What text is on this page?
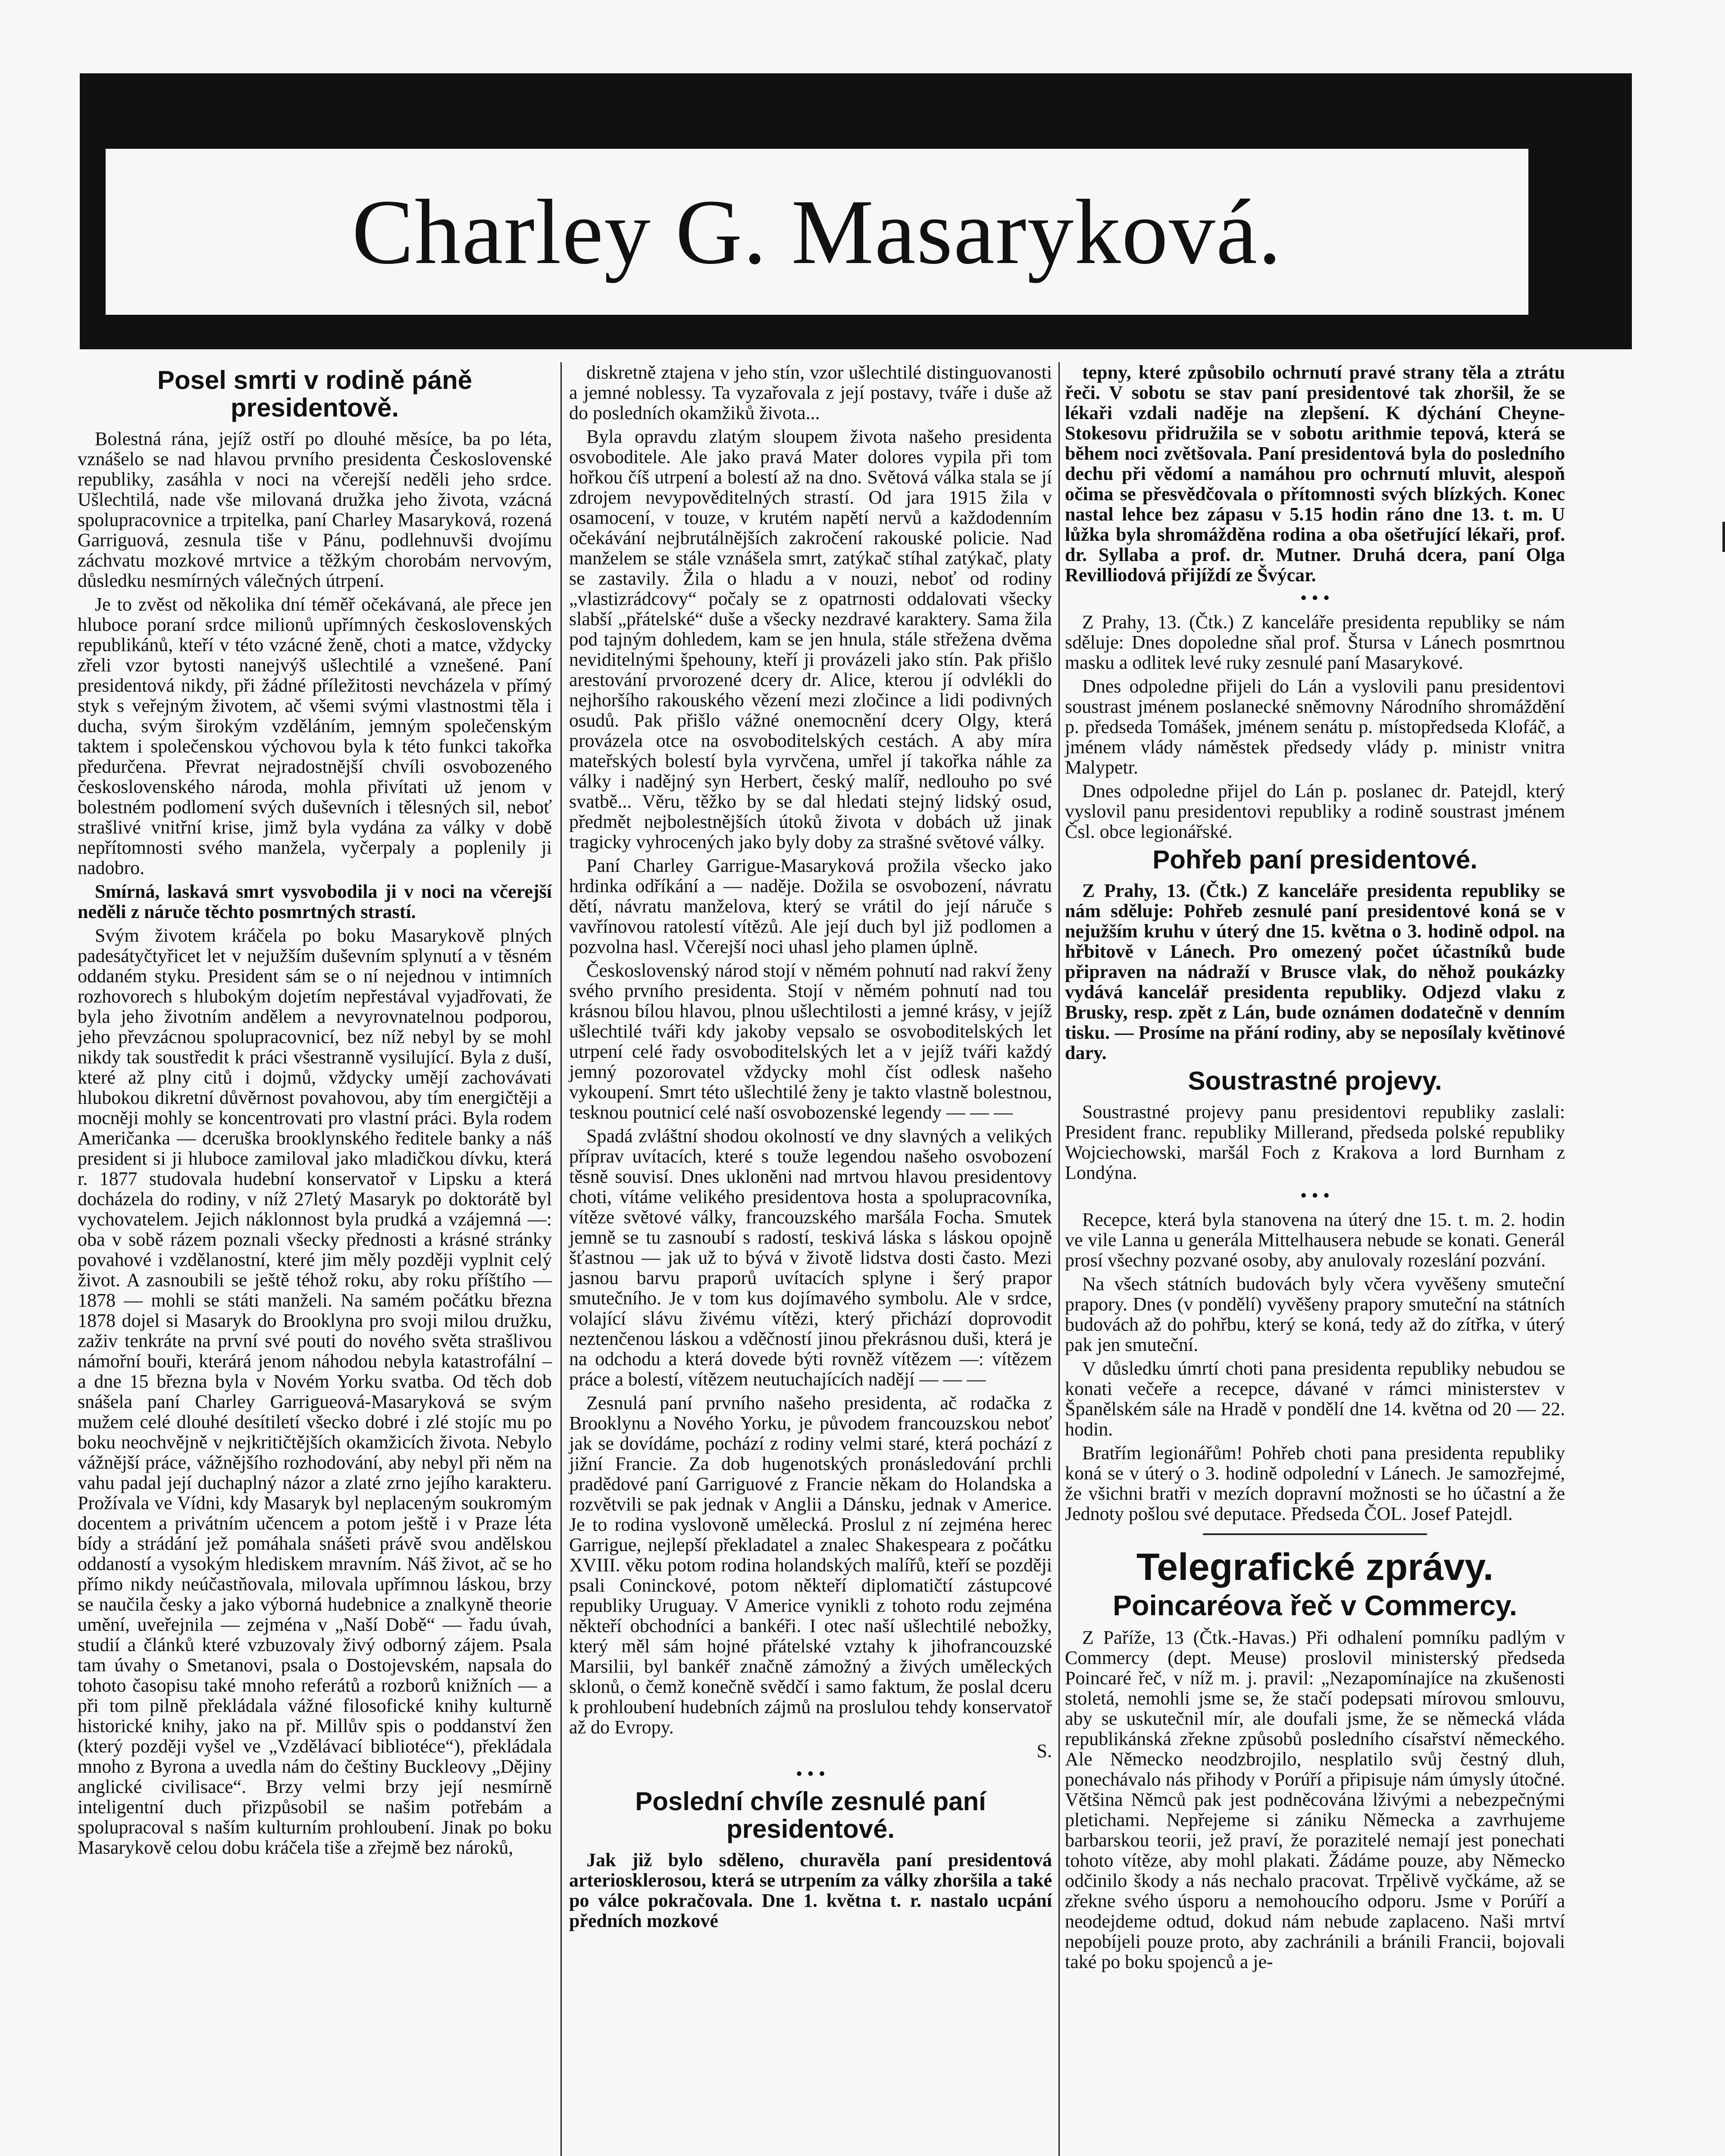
Charley G. Masaryková.
Posel smrti v rodině páně presidentově.

Bolestná rána, jejíž ostří po dlouhé měsíce, ba po léta, vznášelo se nad hlavou prvního presidenta Československé republiky, zasáhla v noci na včerejší neděli jeho srdce. Ušlechtilá, nade vše milovaná družka jeho života, vzácná spolupracovnice a trpitelka, paní Charley Masaryková, rozená Garriguová, zesnula tiše v Pánu, podlehnuvši dvojímu záchvatu mozkové mrtvice a těžkým chorobám nervovým, důsledku nesmírných válečných útrpení.

Je to zvěst od několika dní téměř očekávaná, ale přece jen hluboce poraní srdce milionů upřímných československých republikánů, kteří v této vzácné ženě, choti a matce, vždycky zřeli vzor bytosti nanejvýš ušlechtilé a vznešené. Paní presidentová nikdy, při žádné příležitosti nevcházela v přímý styk s veřejným životem, ač všemi svými vlastnostmi těla i ducha, svým širokým vzděláním, jemným společenským taktem i společenskou výchovou byla k této funkci takořka předurčena. Převrat nejradostnější chvíli osvobozeného československého národa, mohla přivítati už jenom v bolestném podlomení svých duševních i tělesných sil, neboť strašlivé vnitřní krise, jimž byla vydána za války v době nepřítomnosti svého manžela, vyčerpaly a poplenily ji nadobro.

Smírná, laskavá smrt vysvobodila ji v noci na včerejší neděli z náruče těchto posmrtných strastí.

Svým životem kráčela po boku Masarykově plných padesátyčtyřicet let v nejužším duševním splynutí a v těsném oddaném styku. President sám se o ní nejednou v intimních rozhovorech s hlubokým dojetím nepřestával vyjadřovati, že byla jeho životním andělem a nevyrovnatelnou podporou, jeho převzácnou spolupracovnicí, bez níž nebyl by se mohl nikdy tak soustředit k práci všestranně vysilující. Byla z duší, které až plny citů i dojmů, vždycky umějí zachovávati hlubokou dikretní důvěrnost povahovou, aby tím energičtěji a mocněji mohly se koncentrovati pro vlastní práci. Byla rodem Američanka — dceruška brooklynského ředitele banky a náš president si ji hluboce zamiloval jako mladičkou dívku, která r. 1877 studovala hudební konservatoř v Lipsku a která docházela do rodiny, v níž 27letý Masaryk po doktorátě byl vychovatelem. Jejich náklonnost byla prudká a vzájemná —: oba v sobě rázem poznali všecky přednosti a krásné stránky povahové i vzdělanostní, které jim měly později vyplnit celý život. A zasnoubili se ještě téhož roku, aby roku příštího — 1878 — mohli se státi manželi. Na samém počátku března 1878 dojel si Masaryk do Brooklyna pro svoji milou družku, zaživ tenkráte na první své pouti do nového světa strašlivou námořní bouři, kterárá jenom náhodou nebyla katastrofální – a dne 15 března byla v Novém Yorku svatba. Od těch dob snášela paní Charley Garrigueová-Masaryková se svým mužem celé dlouhé desítiletí všecko dobré i zlé stojíc mu po boku neochvějně v nejkritičtějších okamžicích života. Nebylo vážnější práce, vážnějšího rozhodování, aby nebyl při něm na vahu padal její duchaplný názor a zlaté zrno jejího karakteru. Prožívala ve Vídni, kdy Masaryk byl neplaceným soukromým docentem a privátním učencem a potom ještě i v Praze léta bídy a strádání jež pomáhala snášeti právě svou andělskou oddaností a vysokým hlediskem mravním. Náš život, ač se ho přímo nikdy neúčastňovala, milovala upřímnou láskou, brzy se naučila česky a jako výborná hudebnice a znalkyně theorie umění, uveřejnila — zejména v „Naší Době“ — řadu úvah, studií a článků které vzbuzovaly živý odborný zájem. Psala tam úvahy o Smetanovi, psala o Dostojevském, napsala do tohoto časopisu také mnoho referátů a rozborů knižních — a při tom pilně překládala vážné filosofické knihy kulturně historické knihy, jako na př. Millův spis o poddanství žen (který později vyšel ve „Vzdělávací bibliotéce“), překládala mnoho z Byrona a uvedla nám do češtiny Buckleovy „Dějiny anglické civilisace“. Brzy velmi brzy její nesmírně inteligentní duch přizpůsobil se našim potřebám a spolupracoval s naším kulturním prohloubení. Jinak po boku Masarykově celou dobu kráčela tiše a zřejmě bez nároků,

diskretně ztajena v jeho stín, vzor ušlechtilé distinguovanosti a jemné noblessy. Ta vyzařovala z její postavy, tváře i duše až do posledních okamžiků života...

Byla opravdu zlatým sloupem života našeho presidenta osvoboditele. Ale jako pravá Mater dolores vypila při tom hořkou číš utrpení a bolestí až na dno. Světová válka stala se jí zdrojem nevypověditelných strastí. Od jara 1915 žila v osamocení, v touze, v krutém napětí nervů a každodenním očekávání nejbrutálnějších zakročení rakouské policie. Nad manželem se stále vznášela smrt, zatýkač stíhal zatýkač, platy se zastavily. Žila o hladu a v nouzi, neboť od rodiny „vlastizrádcovy“ počaly se z opatrnosti oddalovati všecky slabší „přátelské“ duše a všecky nezdravé karaktery. Sama žila pod tajným dohledem, kam se jen hnula, stále střežena dvěma neviditelnými špehouny, kteří ji provázeli jako stín. Pak přišlo arestování prvorozené dcery dr. Alice, kterou jí odvlékli do nejhoršího rakouského vězení mezi zločince a lidi podivných osudů. Pak přišlo vážné onemocnění dcery Olgy, která provázela otce na osvoboditelských cestách. A aby míra mateřských bolestí byla vyrvčena, umřel jí takořka náhle za války i nadějný syn Herbert, český malíř, nedlouho po své svatbě... Věru, těžko by se dal hledati stejný lidský osud, předmět nejbolestnějších útoků života v dobách už jinak tragicky vyhrocených jako byly doby za strašné světové války.

Paní Charley Garrigue-Masaryková prožila všecko jako hrdinka odříkání a — naděje. Dožila se osvobození, návratu dětí, návratu manželova, který se vrátil do její náruče s vavřínovou ratolestí vítězů. Ale její duch byl již podlomen a pozvolna hasl. Včerejší noci uhasl jeho plamen úplně.

Československý národ stojí v němém pohnutí nad rakví ženy svého prvního presidenta. Stojí v němém pohnutí nad tou krásnou bílou hlavou, plnou ušlechtilosti a jemné krásy, v jejíž ušlechtilé tváři kdy jakoby vepsalo se osvoboditelských let utrpení celé řady osvoboditelských let a v jejíž tváři každý jemný pozorovatel vždycky mohl číst odlesk našeho vykoupení. Smrt této ušlechtilé ženy je takto vlastně bolestnou, tesknou poutnicí celé naší osvobozenské legendy — — —

Spadá zvláštní shodou okolností ve dny slavných a velikých příprav uvítacích, které s touže legendou našeho osvobození těsně souvisí. Dnes ukloněni nad mrtvou hlavou presidentovy choti, vítáme velikého presidentova hosta a spolupracovníka, vítěze světové války, francouzského maršála Focha. Smutek jemně se tu zasnoubí s radostí, teskivá láska s láskou opojně šťastnou — jak už to bývá v životě lidstva dosti často. Mezi jasnou barvu praporů uvítacích splyne i šerý prapor smutečního. Je v tom kus dojímavého symbolu. Ale v srdce, volající slávu živému vítězi, který přichází doprovodit neztenčenou láskou a vděčností jinou překrásnou duši, která je na odchodu a která dovede býti rovněž vítězem —: vítězem práce a bolestí, vítězem neutuchajících nadějí — — —

Zesnulá paní prvního našeho presidenta, ač rodačka z Brooklynu a Nového Yorku, je původem francouzskou neboť jak se dovídáme, pochází z rodiny velmi staré, která pochází z jižní Francie. Za dob hugenotských pronásledování prchli pradědové paní Garriguové z Francie někam do Holandska a rozvětvili se pak jednak v Anglii a Dánsku, jednak v Americe. Je to rodina vyslovoně umělecká. Proslul z ní zejména herec Garrigue, nejlepší překladatel a znalec Shakespeara z počátku XVIII. věku potom rodina holandských malířů, kteří se později psali Coninckové, potom někteří diplomatičtí zástupcové republiky Uruguay. V Americe vynikli z tohoto rodu zejména někteří obchodníci a bankéři. I otec naší ušlechtilé nebožky, který měl sám hojné přátelské vztahy k jihofrancouzské Marsilii, byl bankéř značně zámožný a živých uměleckých sklonů, o čemž konečně svědčí i samo faktum, že poslal dceru k prohloubení hudebních zájmů na proslulou tehdy konservatoř až do Evropy.

S.

• • •
Poslední chvíle zesnulé paní presidentové.

Jak již bylo sděleno, churavěla paní presidentová arteriosklerosou, která se utrpením za války zhoršila a také po válce pokračovala. Dne 1. května t. r. nastalo ucpání předních mozkové

tepny, které způsobilo ochrnutí pravé strany těla a ztrátu řeči. V sobotu se stav paní presidentové tak zhoršil, že se lékaři vzdali naděje na zlepšení. K dýchání Cheyne-Stokesovu přidružila se v sobotu arithmie tepová, která se během noci zvětšovala. Paní presidentová byla do posledního dechu při vědomí a namáhou pro ochrnutí mluvit, alespoň očima se přesvědčovala o přítomnosti svých blízkých. Konec nastal lehce bez zápasu v 5.15 hodin ráno dne 13. t. m. U lůžka byla shromážděna rodina a oba ošetřující lékaři, prof. dr. Syllaba a prof. dr. Mutner. Druhá dcera, paní Olga Revilliodová přijíždí ze Švýcar.

• • •

Z Prahy, 13. (Čtk.) Z kanceláře presidenta republiky se nám sděluje: Dnes dopoledne sňal prof. Štursa v Lánech posmrtnou masku a odlitek levé ruky zesnulé paní Masarykové.

Dnes odpoledne přijeli do Lán a vyslovili panu presidentovi soustrast jménem poslanecké sněmovny Národního shromáždění p. předseda Tomášek, jménem senátu p. místopředseda Klofáč, a jménem vlády náměstek předsedy vlády p. ministr vnitra Malypetr.

Dnes odpoledne přijel do Lán p. poslanec dr. Patejdl, který vyslovil panu presidentovi republiky a rodině soustrast jménem Čsl. obce legionářské.

Pohřeb paní presidentové.

Z Prahy, 13. (Čtk.) Z kanceláře presidenta republiky se nám sděluje: Pohřeb zesnulé paní presidentové koná se v nejužším kruhu v úterý dne 15. května o 3. hodině odpol. na hřbitově v Lánech. Pro omezený počet účastníků bude připraven na nádraží v Brusce vlak, do něhož poukázky vydává kancelář presidenta republiky. Odjezd vlaku z Brusky, resp. zpět z Lán, bude oznámen dodatečně v denním tisku. — Prosíme na přání rodiny, aby se neposílaly květinové dary.

Soustrastné projevy.

Soustrastné projevy panu presidentovi republiky zaslali: President franc. republiky Millerand, předseda polské republiky Wojciechowski, maršál Foch z Krakova a lord Burnham z Londýna.

• • •

Recepce, která byla stanovena na úterý dne 15. t. m. 2. hodin ve vile Lanna u generála Mittelhausera nebude se konati. Generál prosí všechny pozvané osoby, aby anulovaly rozeslání pozvání.

Na všech státních budovách byly včera vyvěšeny smuteční prapory. Dnes (v pondělí) vyvěšeny prapory smuteční na státních budovách až do pohřbu, který se koná, tedy až do zítřka, v úterý pak jen smuteční.

V důsledku úmrtí choti pana presidenta republiky nebudou se konati večeře a recepce, dávané v rámci ministerstev v Španělském sále na Hradě v pondělí dne 14. května od 20 — 22. hodin.

Bratřím legionářům! Pohřeb choti pana presidenta republiky koná se v úterý o 3. hodině odpolední v Lánech. Je samozřejmé, že všichni bratři v mezích dopravní možnosti se ho účastní a že Jednoty pošlou své deputace. Předseda ČOL. Josef Patejdl.

Telegrafické zprávy.
Poincaréova řeč v Commercy.

Z Paříže, 13 (Čtk.-Havas.) Při odhalení pomníku padlým v Commercy (dept. Meuse) proslovil ministerský předseda Poincaré řeč, v níž m. j. pravil: „Nezapomínajíce na zkušenosti stoletá, nemohli jsme se, že stačí podepsati mírovou smlouvu, aby se uskutečnil mír, ale doufali jsme, že se německá vláda republikánská zřekne způsobů posledního císařství německého. Ale Německo neodzbrojilo, nesplatilo svůj čestný dluh, ponechávalo nás přihody v Porúří a připisuje nám úmysly útočné. Většina Němců pak jest podněcována lživými a nebezpečnými pletichami. Nepřejeme si zániku Německa a zavrhujeme barbarskou teorii, jež praví, že porazitelé nemají jest ponechati tohoto vítěze, aby mohl plakati. Žádáme pouze, aby Německo odčinilo škody a nás nechalo pracovat. Trpělivě vyčkáme, až se zřekne svého úsporu a nemohoucího odporu. Jsme v Porúří a neodejdeme odtud, dokud nám nebude zaplaceno. Naši mrtví nepobíjeli pouze proto, aby zachránili a bránili Francii, bojovali také po boku spojenců a je-
